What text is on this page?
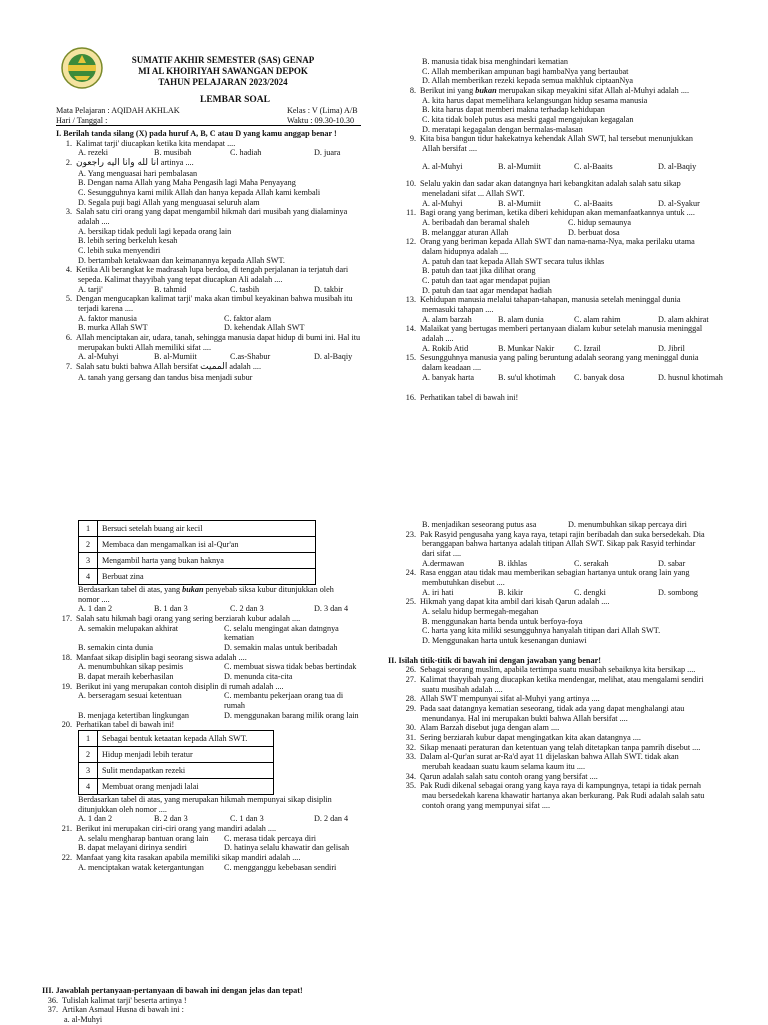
SUMATIF AKHIR SEMESTER (SAS) GENAP
MI AL KHOIRIYAH SAWANGAN DEPOK
TAHUN PELAJARAN 2023/2024
LEMBAR SOAL
Mata Pelajaran : AQIDAH AKHLAK
Hari / Tanggal :
Kelas : V (Lima) A/B
Waktu : 09.30-10.30
I. Berilah tanda silang (X) pada huruf A, B, C atau D yang kamu anggap benar !
1. Kalimat tarji' diucapkan ketika kita mendapat ....
A. rezeki	B. musibah	C. hadiah	D. juara
2. انا لله وانا اليه راجعون artinya ....
A. Yang menguasai hari pembalasan
B. Dengan nama Allah yang Maha Pengasih lagi Maha Penyayang
C. Sesungguhnya kami milik Allah dan hanya kepada Allah kami kembali
D. Segala puji bagi Allah yang menguasai seluruh alam
3. Salah satu ciri orang yang dapat mengambil hikmah dari musibah yang dialaminya
adalah ....
A. bersikap tidak peduli lagi kepada orang lain
B. lebih sering berkeluh kesah
C. lebih suka menyendiri
D. bertambah ketakwaan dan keimanannya kepada Allah SWT.
4. Ketika Ali berangkat ke madrasah lupa berdoa, di tengah perjalanan ia terjatuh dari
sepeda. Kalimat thayyibah yang tepat diucapkan Ali adalah ....
A. tarji'	B. tahmid	C. tasbih	D. takbir
5. Dengan mengucapkan kalimat tarji' maka akan timbul keyakinan bahwa musibah itu
terjadi karena ....
A. faktor manusia	C. faktor alam
B. murka Allah SWT	D. kehendak Allah SWT
6. Allah menciptakan air, udara, tanah, sehingga manusia dapat hidup di bumi ini. Hal itu
merupakan bukti Allah memiliki sifat ....
A. al-Muhyi	B. al-Mumiit	C.as-Shabur	D. al-Baqiy
7. Salah satu bukti bahwa Allah bersifat المميت adalah ....
A. tanah yang gersang dan tandus bisa menjadi subur
B. manusia tidak bisa menghindari kematian
C. Allah memberikan ampunan bagi hambaNya yang bertaubat
D. Allah memberikan rezeki kepada semua makhluk ciptaanNya
8. Berikut ini yang bukan merupakan sikap meyakini sifat Allah al-Muhyi adalah ....
A. kita harus dapat memelihara kelangsungan hidup sesama manusia
B. kita harus dapat memberi makna terhadap kehidupan
C. kita tidak boleh putus asa meski gagal mengajukan kegagalan
D. meratapi kegagalan dengan bermalas-malasan
9. Kita bisa bangun tidur hakekatnya kehendak Allah SWT, hal tersebut menunjukkan
Allah bersifat ....
A. al-Muhyi	B. al-Mumiit	C. al-Baaits	D. al-Baqiy
10. Selalu yakin dan sadar akan datangnya hari kebangkitan adalah salah satu sikap
meneladani sifat ... Allah SWT.
A. al-Muhyi	B. al-Mumiit	C. al-Baaits	D. al-Syakur
11. Bagi orang yang beriman, ketika diberi kehidupan akan memanfaatkannya untuk ....
A. beribadah dan beramal shaleh	C. hidup semaunya
B. melanggar aturan Allah	D. berbuat dosa
12. Orang yang beriman kepada Allah SWT dan nama-nama-Nya, maka perilaku utama
dalam hidupnya adalah ....
A. patuh dan taat kepada Allah SWT secara tulus ikhlas
B. patuh dan taat jika dilihat orang
C. patuh dan taat agar mendapat pujian
D. patuh dan taat agar mendapat hadiah
13. Kehidupan manusia melalui tahapan-tahapan, manusia setelah meninggal dunia
memasuki tahapan ....
A. alam barzah	B. alam dunia	C. alam rahim	D. alam akhirat
14. Malaikat yang bertugas memberi pertanyaan dialam kubur setelah manusia meninggal
adalah ....
A. Rokib Atid	B. Munkar Nakir	C. Izrail	D. Jibril
15. Sesungguhnya manusia yang paling beruntung adalah seorang yang meninggal dunia
dalam keadaan ....
A. banyak harta	B. su'ul khotimah	C. banyak dosa	D. husnul khotimah
16. Perhatikan tabel di bawah ini!
1	Bersuci setelah buang air kecil
2	Membaca dan mengamalkan isi al-Qur'an
3	Mengambil harta yang bukan haknya
4	Berbuat zina
Berdasarkan tabel di atas, yang bukan penyebab siksa kubur ditunjukkan oleh
nomor ....
A. 1 dan 2	B. 1 dan 3	C. 2 dan 3	D. 3 dan 4
17. Salah satu hikmah bagi orang yang sering berziarah kubur adalah ....
A. semakin melupakan akhirat	C. selalu mengingat akan datngnya kematian
B. semakin cinta dunia	D. semakin malas untuk beribadah
18. Manfaat sikap disiplin bagi seorang siswa adalah ....
A. menumbuhkan sikap pesimis	C. membuat siswa tidak bebas bertindak
B. dapat meraih keberhasilan	D. menunda cita-cita
19. Berikut ini yang merupakan contoh disiplin di rumah adalah ....
A. berseragam sesuai ketentuan	C. membantu pekerjaan orang tua di rumah
B. menjaga ketertiban lingkungan	D. menggunakan barang milik orang lain
20. Perhatikan tabel di bawah ini!
1	Sebagai bentuk ketaatan kepada Allah SWT.
2	Hidup menjadi lebih teratur
3	Sulit mendapatkan rezeki
4	Membuat orang menjadi lalai
Berdasarkan tabel di atas, yang merupakan hikmah mempunyai sikap disiplin
ditunjukkan oleh nomor ....
A. 1 dan 2	B. 2 dan 3	C. 1 dan 3	D. 2 dan 4
21. Berikut ini merupakan ciri-ciri orang yang mandiri adalah ....
A. selalu mengharap bantuan orang lain	C. merasa tidak percaya diri
B. dapat melayani dirinya sendiri	D. hatinya selalu khawatir dan gelisah
22. Manfaat yang kita rasakan apabila memiliki sikap mandiri adalah ....
A. menciptakan watak ketergantungan	C. mengganggu kebebasan sendiri
B. menjadikan seseorang putus asa	D. menumbuhkan sikap percaya diri
23. Pak Rasyid pengusaha yang kaya raya, tetapi rajin beribadah dan suka bersedekah. Dia
beranggapan bahwa hartanya adalah titipan Allah SWT. Sikap pak Rasyid terhindar
dari sifat ....
A.dermawan	B. ikhlas	C. serakah	D. sabar
24. Rasa enggan atau tidak mau memberikan sebagian hartanya untuk orang lain yang
membutuhkan disebut ....
A. iri hati	B. kikir	C. dengki	D. sombong
25. Hikmah yang dapat kita ambil dari kisah Qarun adalah ....
A. selalu hidup bermegah-megahan
B. menggunakan harta benda untuk berfoya-foya
C. harta yang kita miliki sesungguhnya hanyalah titipan dari Allah SWT.
D. Menggunakan harta untuk kesenangan duniawi
II. Isilah titik-titik di bawah ini dengan jawaban yang benar!
26. Sebagai seorang muslim, apabila tertimpa suatu musibah sebaiknya kita bersikap ....
27. Kalimat thayyibah yang diucapkan ketika mendengar, melihat, atau mengalami sendiri
suatu musibah adalah ....
28. Allah SWT mempunyai sifat al-Muhyi yang artinya ....
29. Pada saat datangnya kematian seseorang, tidak ada yang dapat menghalangi atau
menundanya. Hal ini merupakan bukti bahwa Allah bersifat ....
30. Alam Barzah disebut juga dengan alam ....
31. Sering berziarah kubur dapat mengingatkan kita akan datangnya ....
32. Sikap menaati peraturan dan ketentuan yang telah ditetapkan tanpa pamrih disebut ....
33. Dalam al-Qur'an surat ar-Ra'd ayat 11 dijelaskan bahwa Allah SWT. tidak akan
merubah keadaan suatu kaum selama kaum itu ....
34. Qarun adalah salah satu contoh orang yang bersifat ....
35. Pak Rudi dikenal sebagai orang yang kaya raya di kampungnya, tetapi ia tidak pernah
mau bersedekah karena khawatir hartanya akan berkurang. Pak Rudi adalah salah satu
contoh orang yang mempunyai sifat ....
III. Jawablah pertanyaan-pertanyaan di bawah ini dengan jelas dan tepat!
36. Tulislah kalimat tarji' beserta artinya !
37. Artikan Asmaul Husna di bawah ini :
a. al-Muhyi
